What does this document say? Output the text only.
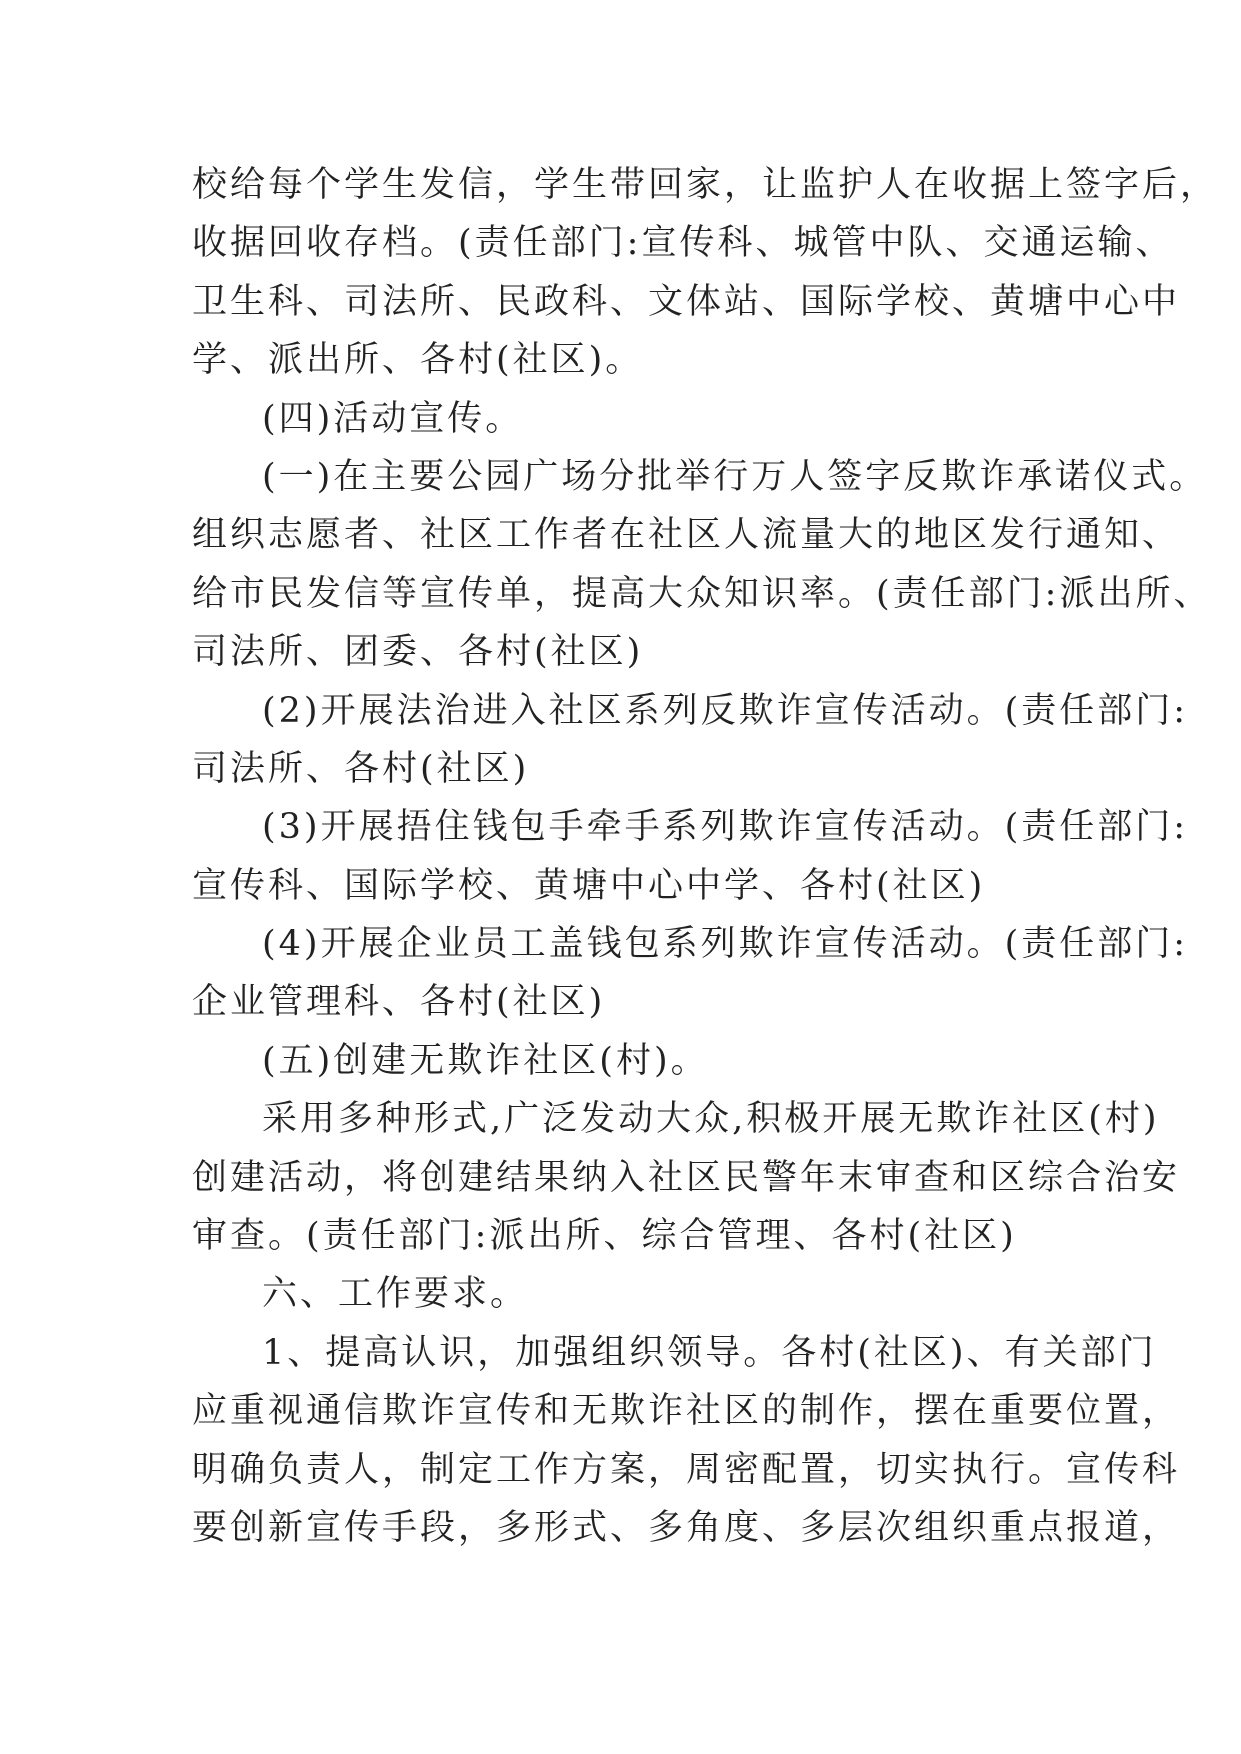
校给每个学生发信，学生带回家，让监护人在收据上签字后，
收据回收存档。(责任部门:宣传科、城管中队、交通运输、
卫生科、司法所、民政科、文体站、国际学校、黄塘中心中
学、派出所、各村(社区)。
(四)活动宣传。
(一)在主要公园广场分批举行万人签字反欺诈承诺仪式。
组织志愿者、社区工作者在社区人流量大的地区发行通知、
给市民发信等宣传单，提高大众知识率。(责任部门:派出所、
司法所、团委、各村(社区)
(2)开展法治进入社区系列反欺诈宣传活动。(责任部门:
司法所、各村(社区)
(3)开展捂住钱包手牵手系列欺诈宣传活动。(责任部门:
宣传科、国际学校、黄塘中心中学、各村(社区)
(4)开展企业员工盖钱包系列欺诈宣传活动。(责任部门:
企业管理科、各村(社区)
(五)创建无欺诈社区(村)。
采用多种形式,广泛发动大众,积极开展无欺诈社区(村)
创建活动，将创建结果纳入社区民警年末审查和区综合治安
审查。(责任部门:派出所、综合管理、各村(社区)
六、工作要求。
1、提高认识，加强组织领导。各村(社区)、有关部门
应重视通信欺诈宣传和无欺诈社区的制作，摆在重要位置，
明确负责人，制定工作方案，周密配置，切实执行。宣传科
要创新宣传手段，多形式、多角度、多层次组织重点报道，
